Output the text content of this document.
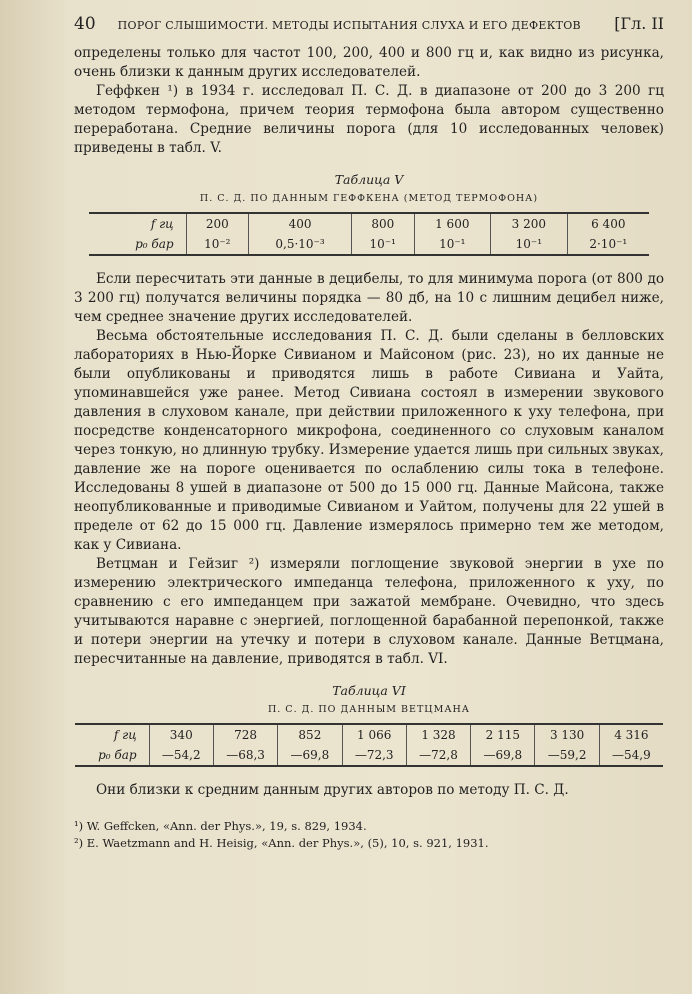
40 ПОРОГ СЛЫШИМОСТИ. МЕТОДЫ ИСПЫТАНИЯ СЛУХА И ЕГО ДЕФЕКТОВ	[Гл. II

определены только для частот 100, 200, 400 и 800 гц и, как видно из рисунка, очень близки к данным других исследователей.

Геффкен ¹) в 1934 г. исследовал П. С. Д. в диапазоне от 200 до 3 200 гц методом термофона, причем теория термофона была автором существенно переработана. Средние величины порога (для 10 исследованных человек) приведены в табл. V.

Таблица V
П. С. Д. ПО ДАННЫМ ГЕФФКЕНА (МЕТОД ТЕРМОФОНА)
f гц	200	400	800	1 600	3 200	6 400
p₀ бар	10⁻²	0,5·10⁻³	10⁻¹	10⁻¹	10⁻¹	2·10⁻¹

Если пересчитать эти данные в децибелы, то для минимума порога (от 800 до 3 200 гц) получатся величины порядка — 80 дб, на 10 с лишним децибел ниже, чем среднее значение других исследователей.

Весьма обстоятельные исследования П. С. Д. были сделаны в белловских лабораториях в Нью-Йорке Сивианом и Майсоном (рис. 23), но их данные не были опубликованы и приводятся лишь в работе Сивиана и Уайта, упоминавшейся уже ранее. Метод Сивиана состоял в измерении звукового давления в слуховом канале, при действии приложенного к уху телефона, при посредстве конденсаторного микрофона, соединенного со слуховым каналом через тонкую, но длинную трубку. Измерение удается лишь при сильных звуках, давление же на пороге оценивается по ослаблению силы тока в телефоне. Исследованы 8 ушей в диапазоне от 500 до 15 000 гц. Данные Майсона, также неопубликованные и приводимые Сивианом и Уайтом, получены для 22 ушей в пределе от 62 до 15 000 гц. Давление измерялось примерно тем же методом, как у Сивиана.

Ветцман и Гейзиг ²) измеряли поглощение звуковой энергии в ухе по измерению электрического импеданца телефона, приложенного к уху, по сравнению с его импеданцем при зажатой мембране. Очевидно, что здесь учитываются наравне с энергией, поглощенной барабанной перепонкой, также и потери энергии на утечку и потери в слуховом канале. Данные Ветцмана, пересчитанные на давление, приводятся в табл. VI.

Таблица VI
П. С. Д. ПО ДАННЫМ ВЕТЦМАНА
f гц	340	728	852	1 066	1 328	2 115	3 130	4 316
p₀ бар	—54,2	—68,3	—69,8	—72,3	—72,8	—69,8	—59,2	—54,9

Они близки к средним данным других авторов по методу П. С. Д.

¹) W. Geffcken, «Ann. der Phys.», 19, s. 829, 1934.
²) E. Waetzmann and H. Heisig, «Ann. der Phys.», (5), 10, s. 921, 1931.
